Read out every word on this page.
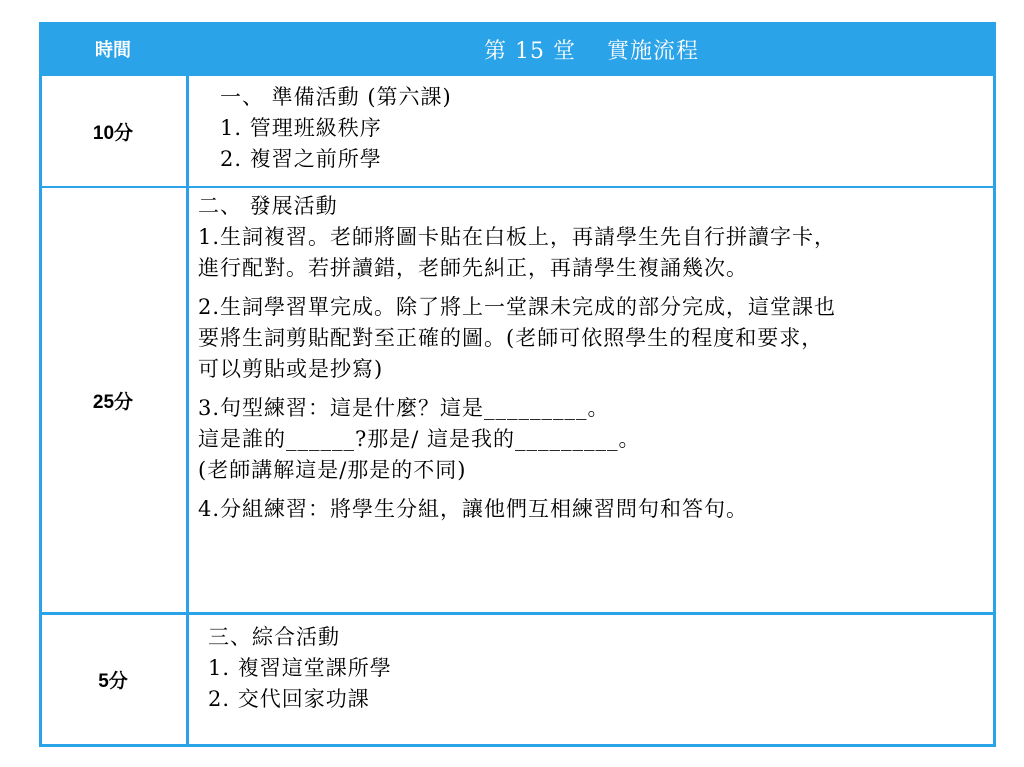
時間	第 15 堂　 實施流程
10分
一、 準備活動 (第六課)
1. 管理班級秩序
2. 複習之前所學
25分
二、 發展活動
1.生詞複習。老師將圖卡貼在白板上，再請學生先自行拼讀字卡，
進行配對。若拼讀錯，老師先糾正，再請學生複誦幾次。
2.生詞學習單完成。除了將上一堂課未完成的部分完成，這堂課也
要將生詞剪貼配對至正確的圖。(老師可依照學生的程度和要求，
可以剪貼或是抄寫)
3.句型練習：這是什麼？這是_________。
這是誰的______?那是/ 這是我的_________。
(老師講解這是/那是的不同)
4.分組練習：將學生分組，讓他們互相練習問句和答句。
5分
三、綜合活動
1. 複習這堂課所學
2. 交代回家功課
